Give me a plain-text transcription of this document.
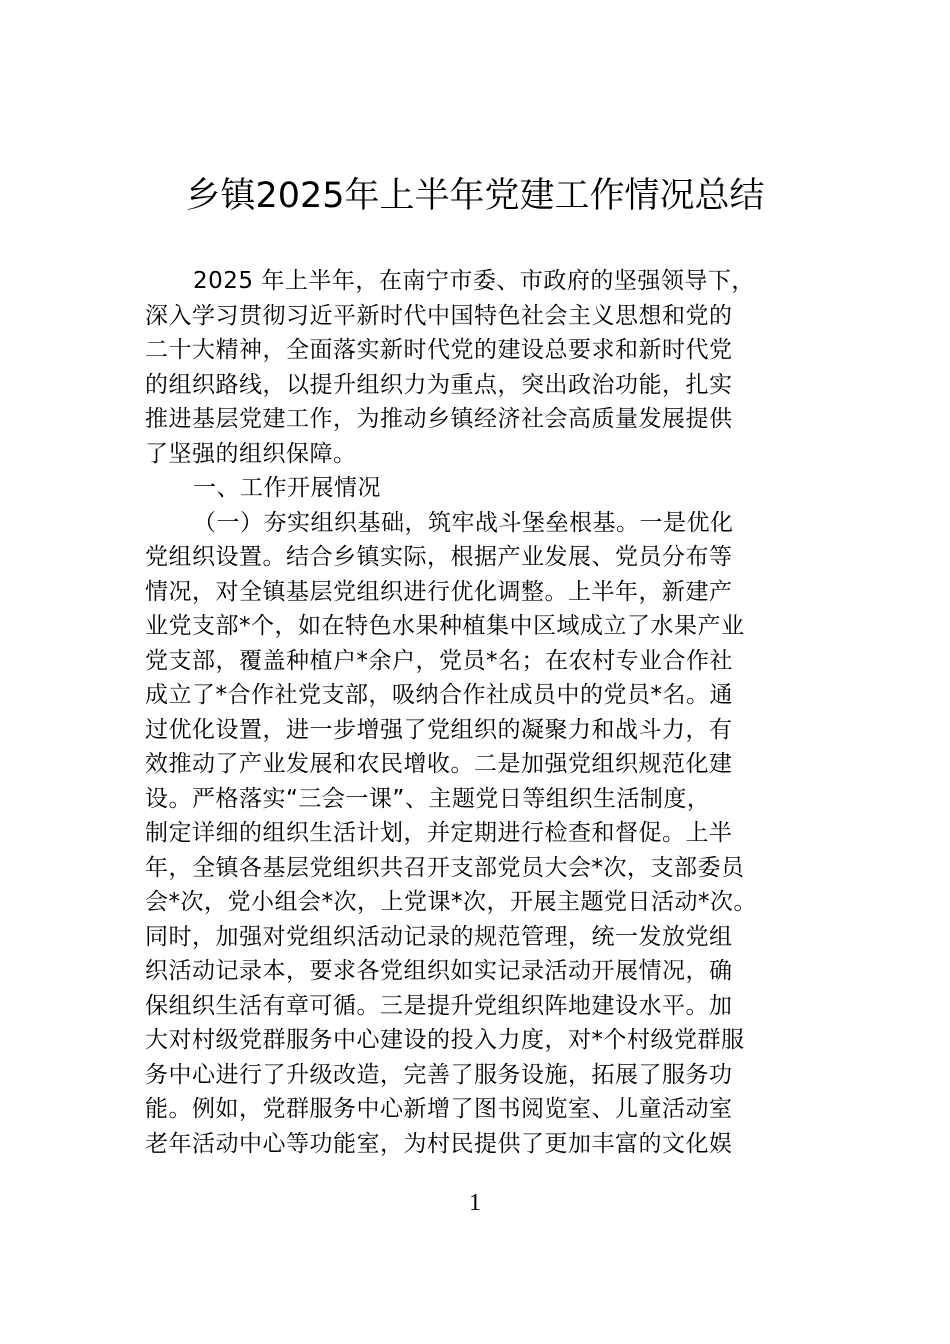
乡镇2025年上半年党建工作情况总结
2025 年上半年，在南宁市委、市政府的坚强领导下，
深入学习贯彻习近平新时代中国特色社会主义思想和党的
二十大精神，全面落实新时代党的建设总要求和新时代党
的组织路线，以提升组织力为重点，突出政治功能，扎实
推进基层党建工作，为推动乡镇经济社会高质量发展提供
了坚强的组织保障。
一、工作开展情况
（一）夯实组织基础，筑牢战斗堡垒根基。一是优化
党组织设置。结合乡镇实际，根据产业发展、党员分布等
情况，对全镇基层党组织进行优化调整。上半年，新建产
业党支部*个，如在特色水果种植集中区域成立了水果产业
党支部，覆盖种植户*余户，党员*名；在农村专业合作社
成立了*合作社党支部，吸纳合作社成员中的党员*名。通
过优化设置，进一步增强了党组织的凝聚力和战斗力，有
效推动了产业发展和农民增收。二是加强党组织规范化建
设。严格落实“三会一课”、主题党日等组织生活制度，
制定详细的组织生活计划，并定期进行检查和督促。上半
年，全镇各基层党组织共召开支部党员大会*次，支部委员
会*次，党小组会*次，上党课*次，开展主题党日活动*次。
同时，加强对党组织活动记录的规范管理，统一发放党组
织活动记录本，要求各党组织如实记录活动开展情况，确
保组织生活有章可循。三是提升党组织阵地建设水平。加
大对村级党群服务中心建设的投入力度，对*个村级党群服
务中心进行了升级改造，完善了服务设施，拓展了服务功
能。例如，党群服务中心新增了图书阅览室、儿童活动室
老年活动中心等功能室，为村民提供了更加丰富的文化娱
1
